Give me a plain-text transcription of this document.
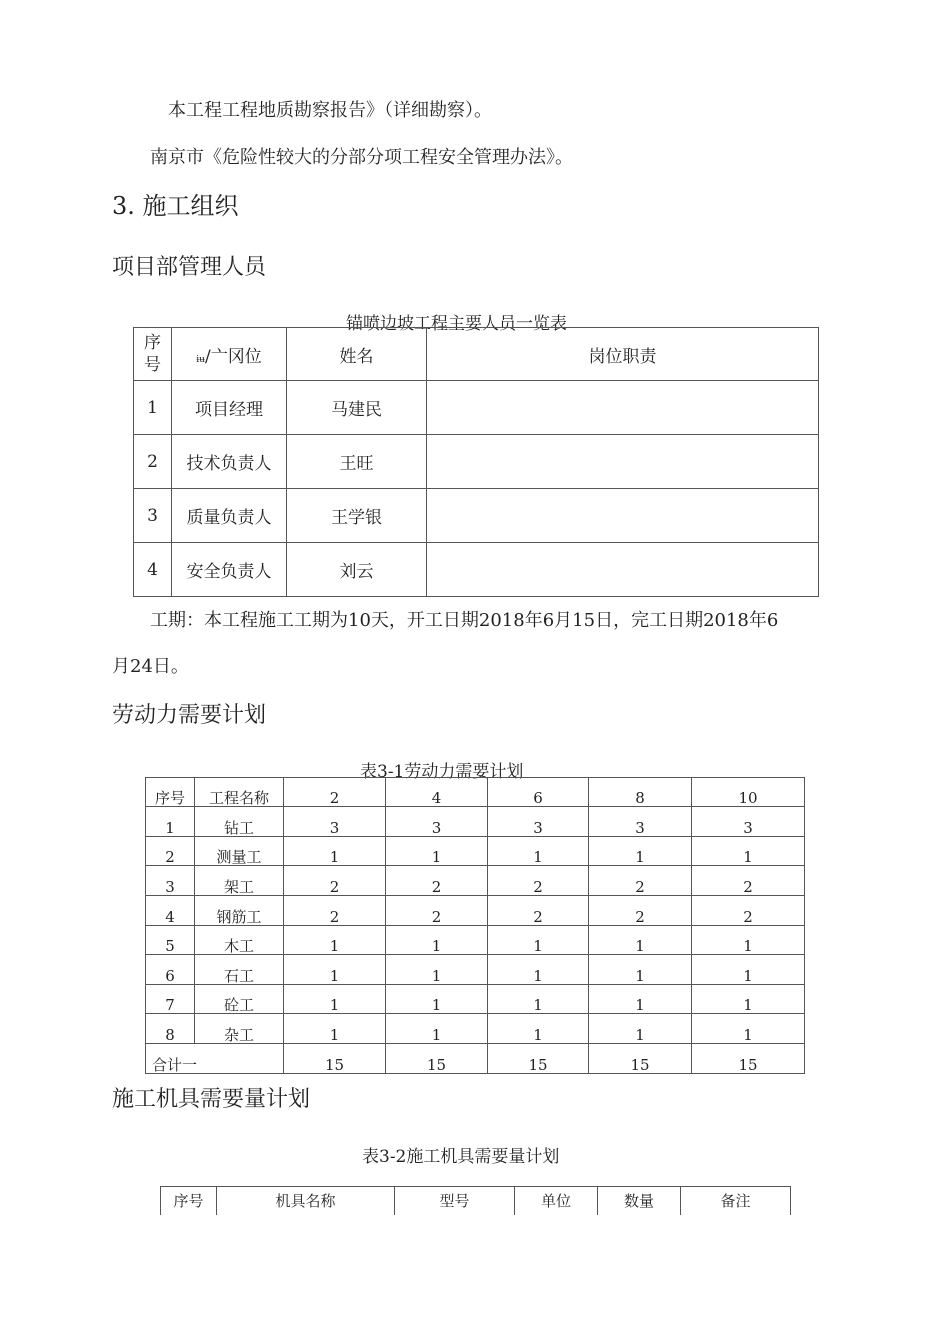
本工程工程地质勘察报告》（详细勘察）。
南京市《危险性较大的分部分项工程安全管理办法》。
3. 施工组织
项目部管理人员
锚喷边坡工程主要人员一览表
序
号	ɨʉ/亠冈位	姓名	岗位职责
1	项目经理	马建民	
2	技术负责人	王旺	
3	质量负责人	王学银	
4	安全负责人	刘云	
工期：本工程施工工期为10天，开工日期2018年6月15日，完工日期2018年6
月24日。
劳动力需要计划
表3-1劳动力需要计划
序号	工程名称	2	4	6	8	10
1	钻工	3	3	3	3	3
2	测量工	1	1	1	1	1
3	架工	2	2	2	2	2
4	钢筋工	2	2	2	2	2
5	木工	1	1	1	1	1
6	石工	1	1	1	1	1
7	砼工	1	1	1	1	1
8	杂工	1	1	1	1	1
合计一		15	15	15	15	15
施工机具需要量计划
表3-2施工机具需要量计划
序号	机具名称	型号	单位	数量	备注
